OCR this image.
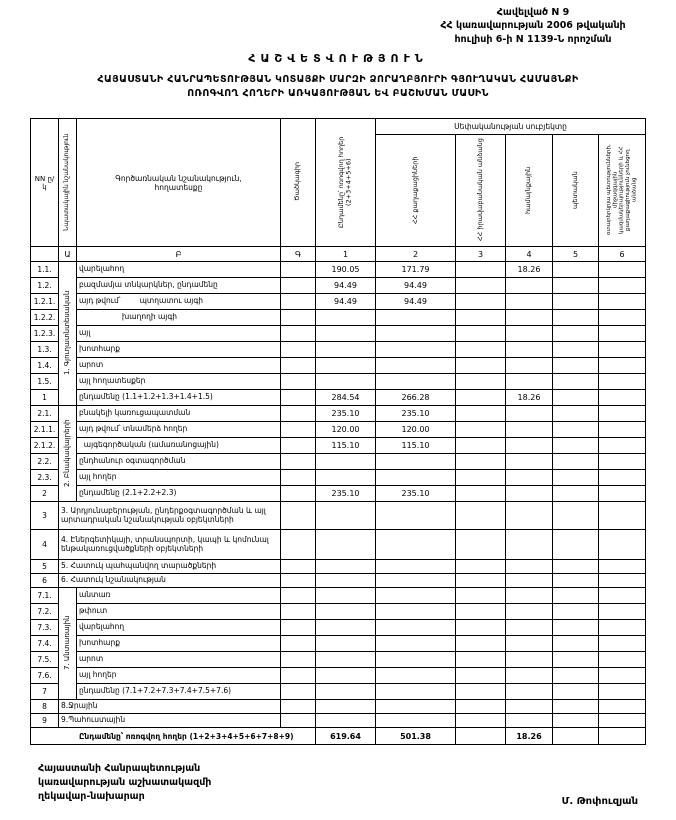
Հավելված N 9
ՀՀ կառավարության 2006 թվականի
հուլիսի 6-ի N 1139-Ն որոշման
ՀԱՇՎԵՏՎՈՒԹՅՈՒՆ
ՀԱՅԱՍՏԱՆԻ ՀԱՆՐԱՊԵՏՈՒԹՅԱՆ ԿՈՏԱՅՔԻ ՄԱՐԶԻ ՁՈՐԱՂԲՅՈՒՐԻ ԳՅՈՒՂԱԿԱՆ ՀԱՄԱՅՆՔԻ
ՈՌՈԳՎՈՂ ՀՈՂԵՐԻ ԱՌԿԱՅՈՒԹՅԱՆ ԵՎ ԲԱՇԽՄԱՆ ՄԱՍԻՆ
NN ը/կ	Նպատակային նշանակություն	Գործառնական նշանակություն, հողատեսքը	Ծածկագիր	Ընդամենը՝ ոռոգվող հողեր (2+3+4+5+6)	Սեփականության սուբյեկտը				
					ՀՀ քաղաքացիների	ՀՀ իրավաբանական անձանց	համայնքային	պետական	օտարերկրյա պետությունների, միջազգային կազմակերպությունների և ՀՀ քաղաքացիություն չունեցող անձանց
	Ա	Բ	Գ	1	2	3	4	5	6
1.1.	1. Գյուղատնտեսական	վարելահող		190.05	171.79		18.26		
1.2.		բազմամյա տնկարկներ, ընդամենը		94.49	94.49				
1.2.1.		այդ թվում՝        պտղատու այգի		94.49	94.49				
1.2.2.		խաղողի այգի							
1.2.3.		այլ							
1.3.		խոտհարք							
1.4.		արոտ							
1.5.		այլ հողատեսքեր							
1		ընդամենը (1.1+1.2+1.3+1.4+1.5)		284.54	266.28		18.26		
2.1.	2. Բնակավայրերի	բնակելի կառուցապատման		235.10	235.10				
2.1.1.		այդ թվում՝ տնամերձ հողեր		120.00	120.00				
2.1.2.		այգեգործական (ամառանոցային)		115.10	115.10				
2.2.		ընդհանուր օգտագործման							
2.3.		այլ հողեր							
2		ընդամենը (2.1+2.2+2.3)		235.10	235.10				
3	3. Արդյունաբերության, ընդերքօգտագործման և այլ արտադրական նշանակության օբյեկտների								
4	4. Էներգետիկայի, տրանսպորտի, կապի և կոմունալ ենթակառուցվածքների օբյեկտների								
5	5. Հատուկ պահպանվող տարածքների								
6	6. Հատուկ նշանակության								
7.1.	7. Անտառային	անտառ							
7.2.		թփուտ							
7.3.		վարելահող							
7.4.		խոտհարք							
7.5.		արոտ							
7.6.		այլ հողեր							
7		ընդամենը (7.1+7.2+7.3+7.4+7.5+7.6)							
8	8.Ջրային								
9	9.Պահուստային								
Ընդամենը՝ ոռոգվող հողեր (1+2+3+4+5+6+7+8+9)				619.64	501.38		18.26		
Հայաստանի Հանրապետության
կառավարության աշխատակազմի
ղեկավար-նախարար	Մ. Թոփուզյան
